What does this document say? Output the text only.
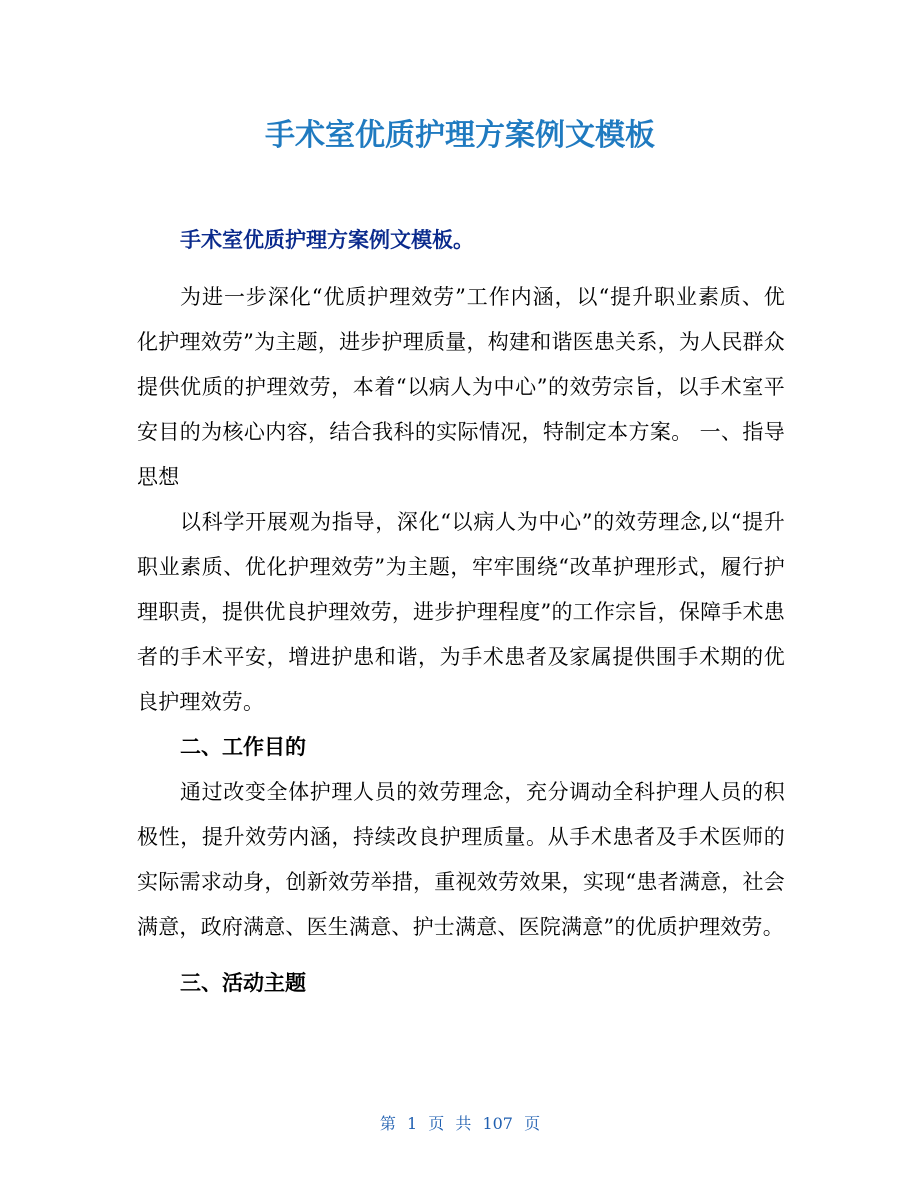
手术室优质护理方案例文模板
手术室优质护理方案例文模板。

为进一步深化“优质护理效劳”工作内涵，以“提升职业素质、优化护理效劳”为主题，进步护理质量，构建和谐医患关系，为人民群众提供优质的护理效劳，本着“以病人为中心”的效劳宗旨，以手术室平安目的为核心内容，结合我科的实际情况，特制定本方案。 一、指导思想

以科学开展观为指导，深化“以病人为中心”的效劳理念,以“提升职业素质、优化护理效劳”为主题，牢牢围绕“改革护理形式，履行护理职责，提供优良护理效劳，进步护理程度”的工作宗旨，保障手术患者的手术平安，增进护患和谐，为手术患者及家属提供围手术期的优良护理效劳。

二、工作目的

通过改变全体护理人员的效劳理念，充分调动全科护理人员的积极性，提升效劳内涵，持续改良护理质量。从手术患者及手术医师的实际需求动身，创新效劳举措，重视效劳效果，实现“患者满意，社会满意，政府满意、医生满意、护士满意、医院满意”的优质护理效劳。

三、活动主题

第 1 页 共 107 页
